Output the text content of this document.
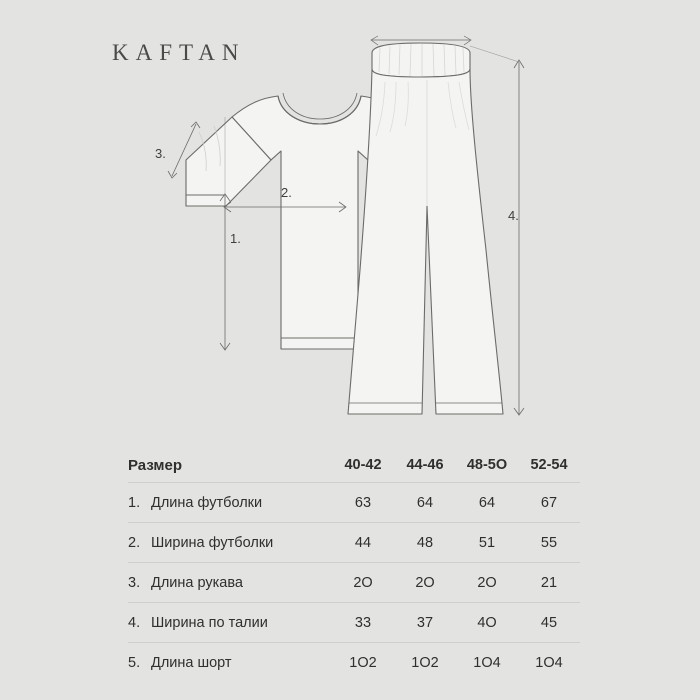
KAFTAN
1.
2.
3.
4.
Размер	40-42	44-46	48-5O	52-54
1. Длина футболки	63	64	64	67
2. Ширина футболки	44	48	51	55
3. Длина рукава	2O	2O	2O	21
4. Ширина по талии	33	37	4O	45
5. Длина шорт	1O2	1O2	1O4	1O4
